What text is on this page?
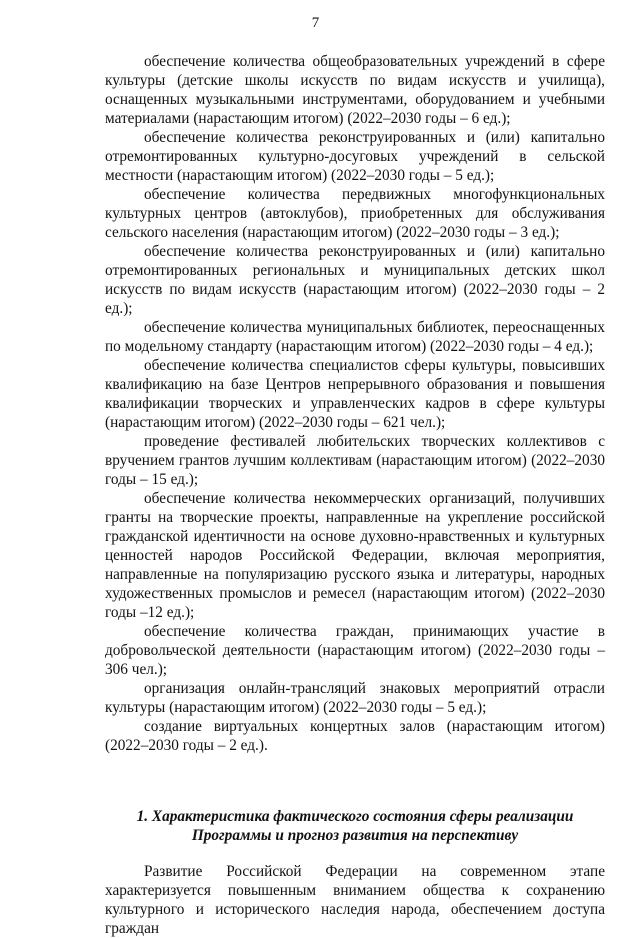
7

обеспечение количества общеобразовательных учреждений в сфере культуры (детские школы искусств по видам искусств и училища), оснащенных музыкальными инструментами, оборудованием и учебными материалами (нарастающим итогом) (2022–2030 годы – 6 ед.);

обеспечение количества реконструированных и (или) капитально отремонтированных культурно-досуговых учреждений в сельской местности (нарастающим итогом) (2022–2030 годы – 5 ед.);

обеспечение количества передвижных многофункциональных культурных центров (автоклубов), приобретенных для обслуживания сельского населения (нарастающим итогом) (2022–2030 годы – 3 ед.);

обеспечение количества реконструированных и (или) капитально отремонтированных региональных и муниципальных детских школ искусств по видам искусств (нарастающим итогом) (2022–2030 годы – 2 ед.);

обеспечение количества муниципальных библиотек, переоснащенных по модельному стандарту (нарастающим итогом) (2022–2030 годы – 4 ед.);

обеспечение количества специалистов сферы культуры, повысивших квалификацию на базе Центров непрерывного образования и повышения квалификации творческих и управленческих кадров в сфере культуры (нарастающим итогом) (2022–2030 годы – 621 чел.);

проведение фестивалей любительских творческих коллективов с вручением грантов лучшим коллективам (нарастающим итогом) (2022–2030 годы – 15 ед.);

обеспечение количества некоммерческих организаций, получивших гранты на творческие проекты, направленные на укрепление российской гражданской идентичности на основе духовно-нравственных и культурных ценностей народов Российской Федерации, включая мероприятия, направленные на популяризацию русского языка и литературы, народных художественных промыслов и ремесел (нарастающим итогом) (2022–2030 годы –12 ед.);

обеспечение количества граждан, принимающих участие в добровольческой деятельности (нарастающим итогом) (2022–2030 годы – 306 чел.);

организация онлайн-трансляций знаковых мероприятий отрасли культуры (нарастающим итогом) (2022–2030 годы – 5 ед.);

создание виртуальных концертных залов (нарастающим итогом) (2022–2030 годы – 2 ед.).

1. Характеристика фактического состояния сферы реализации
Программы и прогноз развития на перспективу

Развитие Российской Федерации на современном этапе характеризуется повышенным вниманием общества к сохранению культурного и исторического наследия народа, обеспечением доступа граждан
